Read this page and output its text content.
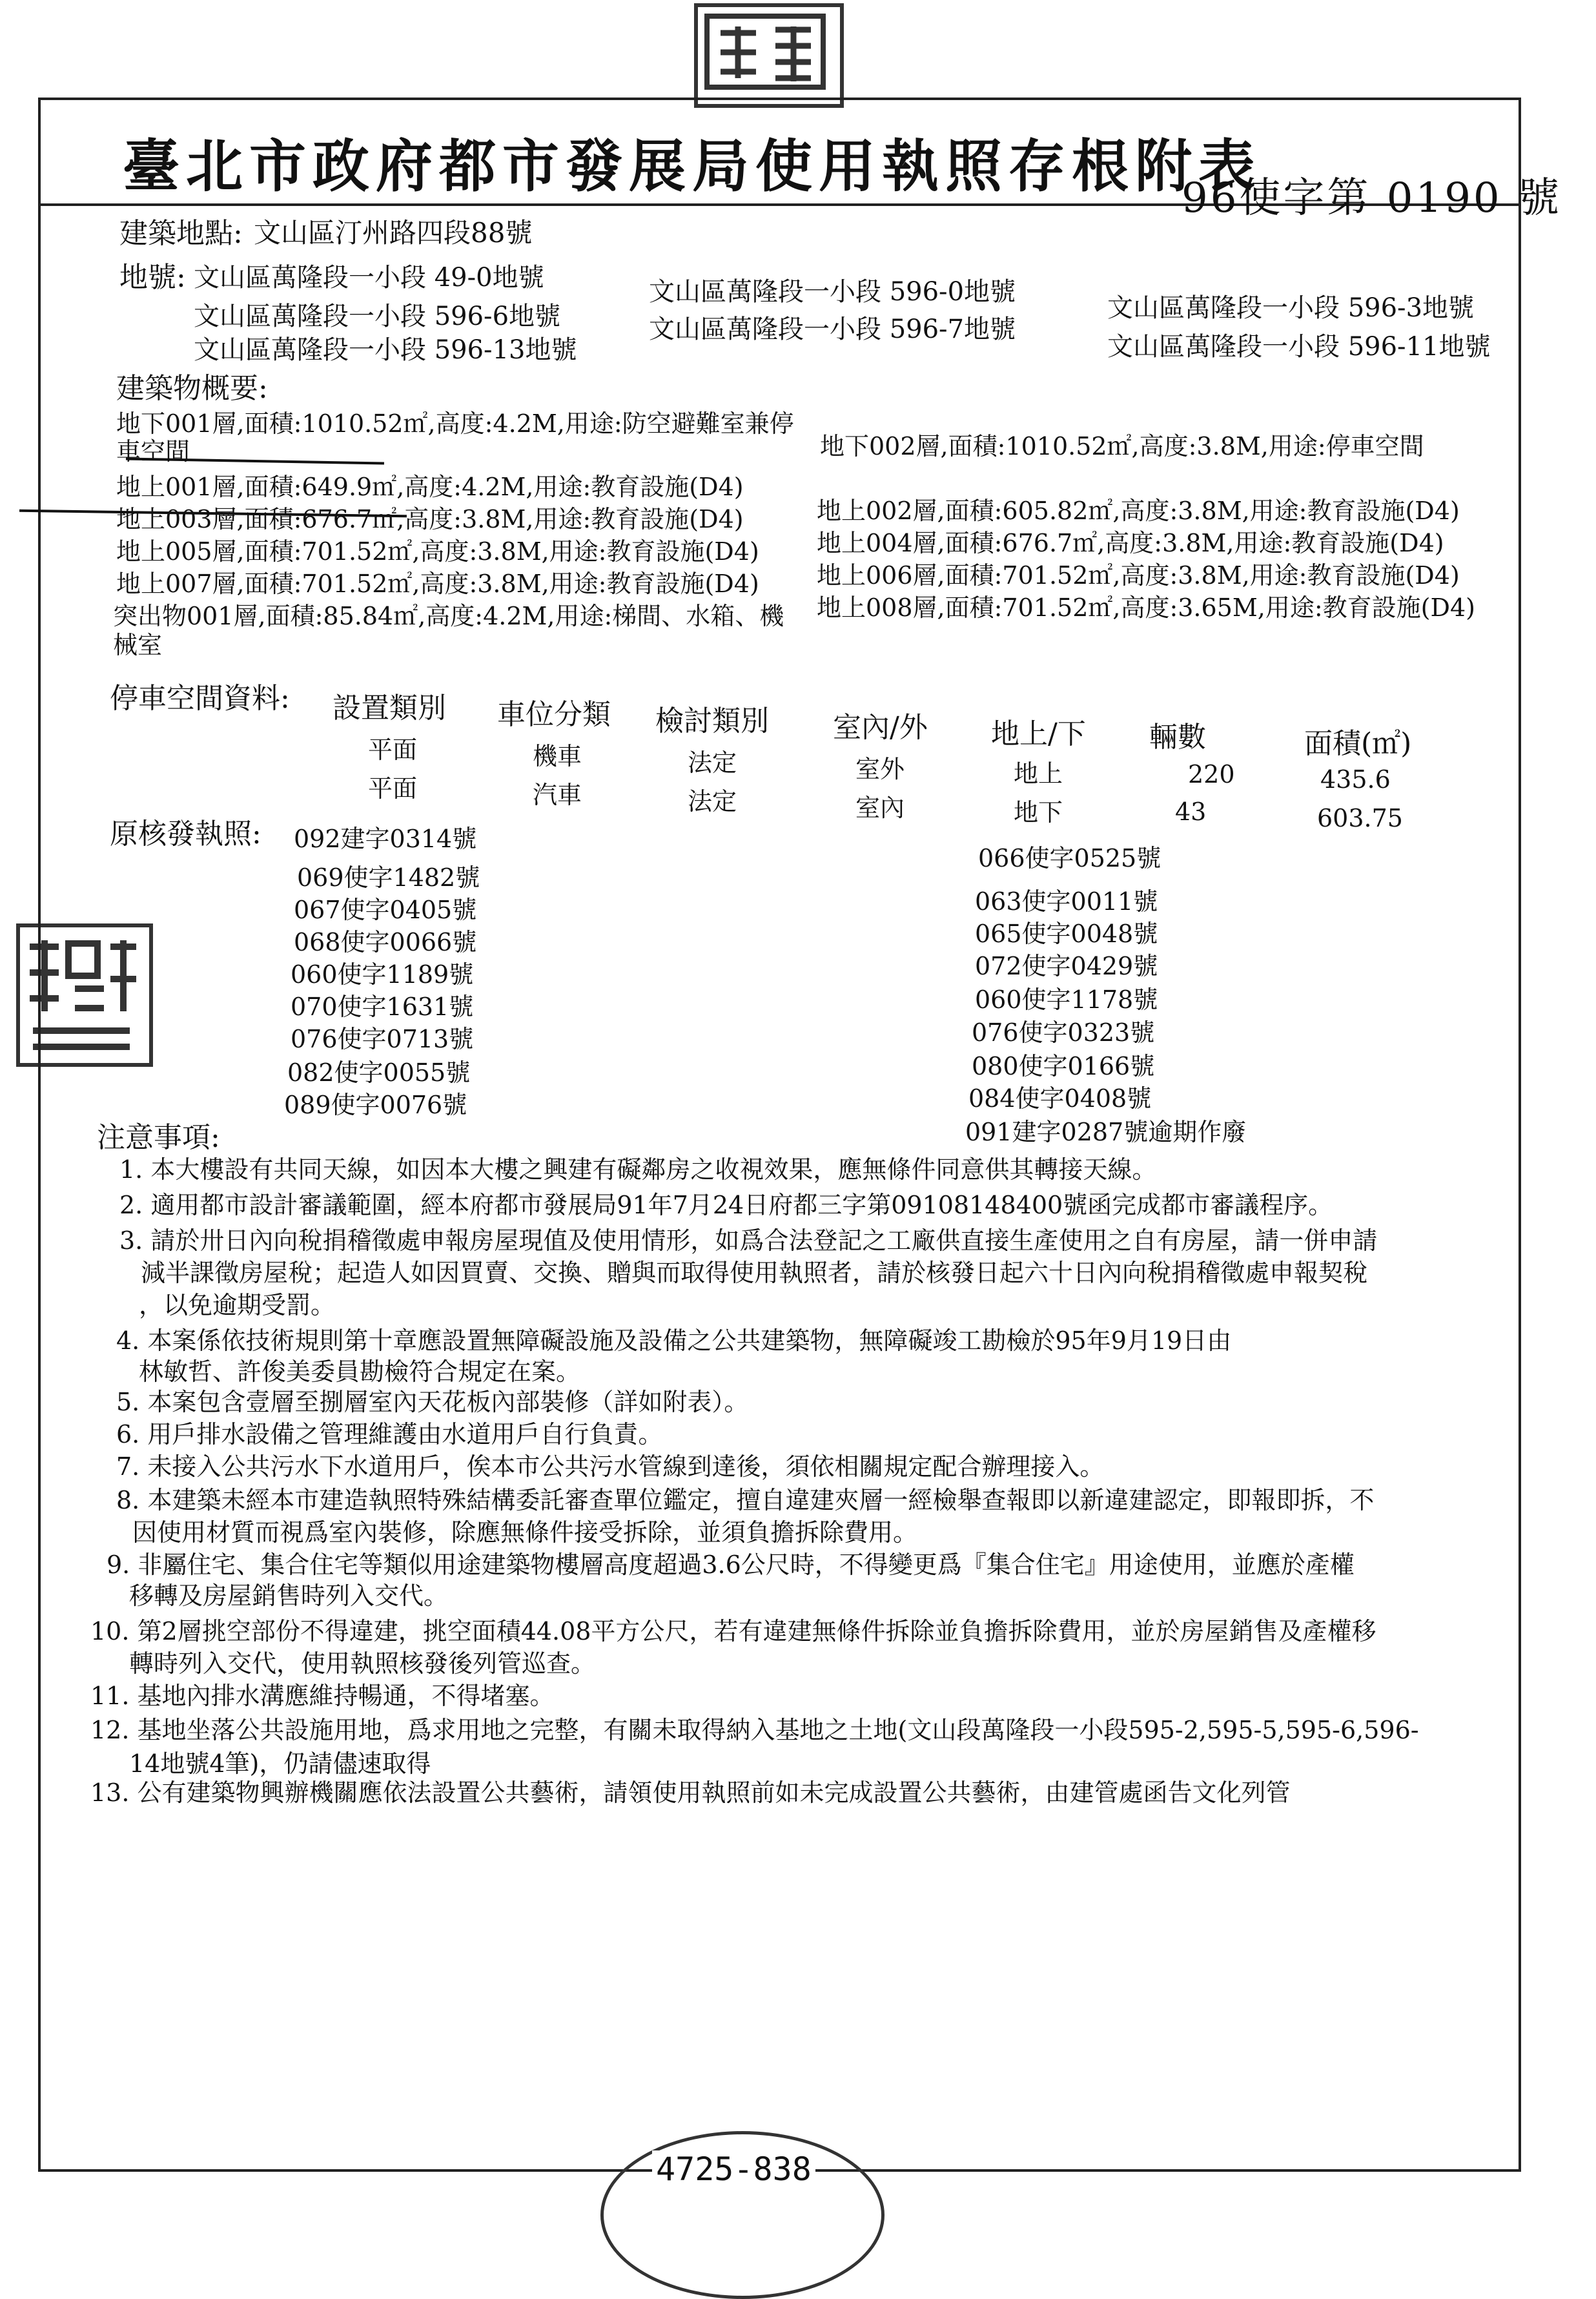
臺北市政府都市發展局使用執照存根附表
96使字第 0190 號
建築地點: 文山區汀州路四段88號
地號: 文山區萬隆段一小段 49-0地號	文山區萬隆段一小段 596-0地號
文山區萬隆段一小段 596-3地號
文山區萬隆段一小段 596-6地號	文山區萬隆段一小段 596-7地號
文山區萬隆段一小段 596-11地號
文山區萬隆段一小段 596-13地號
建築物概要:
地下001層,面積:1010.52㎡,高度:4.2M,用途:防空避難室兼停
車空間	地下002層,面積:1010.52㎡,高度:3.8M,用途:停車空間
地上001層,面積:649.9㎡,高度:4.2M,用途:教育設施(D4)
地上002層,面積:605.82㎡,高度:3.8M,用途:教育設施(D4)
地上003層,面積:676.7㎡,高度:3.8M,用途:教育設施(D4)
地上004層,面積:676.7㎡,高度:3.8M,用途:教育設施(D4)
地上005層,面積:701.52㎡,高度:3.8M,用途:教育設施(D4)
地上006層,面積:701.52㎡,高度:3.8M,用途:教育設施(D4)
地上007層,面積:701.52㎡,高度:3.8M,用途:教育設施(D4)
地上008層,面積:701.52㎡,高度:3.65M,用途:教育設施(D4)
突出物001層,面積:85.84㎡,高度:4.2M,用途:梯間、水箱、機
械室
停車空間資料: 設置類別 車位分類 檢討類別 室內/外 地上/下 輛數	面積(㎡)
平面	機車	法定	室外	地上	220	435.6
平面	汽車	法定	室內	地下	43	603.75
原核發執照: 092建字0314號
069使字1482號
067使字0405號
068使字0066號
060使字1189號
070使字1631號
076使字0713號
082使字0055號
089使字0076號
066使字0525號
063使字0011號
065使字0048號
072使字0429號
060使字1178號
076使字0323號
080使字0166號
084使字0408號
091建字0287號逾期作廢
注意事項:
1. 本大樓設有共同天線，如因本大樓之興建有礙鄰房之收視效果，應無條件同意供其轉接天線。
2. 適用都市設計審議範圍，經本府都市發展局91年7月24日府都三字第09108148400號函完成都市審議程序。
3. 請於卅日內向稅捐稽徵處申報房屋現值及使用情形，如爲合法登記之工廠供直接生產使用之自有房屋，請一併申請
減半課徵房屋稅；起造人如因買賣、交換、贈與而取得使用執照者，請於核發日起六十日內向稅捐稽徵處申報契稅
，以免逾期受罰。
4. 本案係依技術規則第十章應設置無障礙設施及設備之公共建築物，無障礙竣工勘檢於95年9月19日由
林敏哲、許俊美委員勘檢符合規定在案。
5. 本案包含壹層至捌層室內天花板內部裝修（詳如附表）。
6. 用戶排水設備之管理維護由水道用戶自行負責。
7. 未接入公共污水下水道用戶，俟本市公共污水管線到達後，須依相關規定配合辦理接入。
8. 本建築未經本市建造執照特殊結構委託審查單位鑑定，擅自違建夾層一經檢舉查報即以新違建認定，即報即拆，不
因使用材質而視爲室內裝修，除應無條件接受拆除，並須負擔拆除費用。
9. 非屬住宅、集合住宅等類似用途建築物樓層高度超過3.6公尺時，不得變更爲『集合住宅』用途使用，並應於產權
移轉及房屋銷售時列入交代。
10. 第2層挑空部份不得違建，挑空面積44.08平方公尺，若有違建無條件拆除並負擔拆除費用，並於房屋銷售及產權移
轉時列入交代，使用執照核發後列管巡查。
11. 基地內排水溝應維持暢通，不得堵塞。
12. 基地坐落公共設施用地，爲求用地之完整，有關未取得納入基地之土地(文山段萬隆段一小段595-2,595-5,595-6,596-
14地號4筆)，仍請儘速取得
13. 公有建築物興辦機關應依法設置公共藝術，請領使用執照前如未完成設置公共藝術，由建管處函告文化列管
4725-838
